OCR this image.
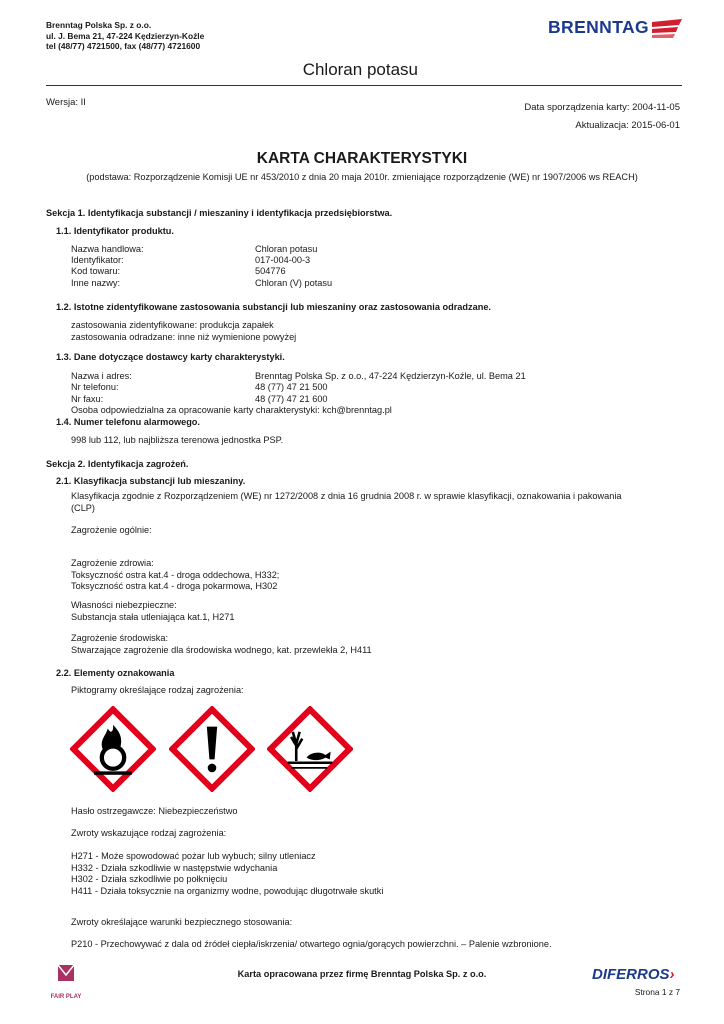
Brenntag Polska Sp. z o.o.
ul. J. Bema 21, 47-224 Kędzierzyn-Koźle
tel (48/77) 4721500, fax (48/77) 4721600
BRENNTAG
Chloran potasu
Wersja: II	Data sporządzenia karty: 2004-11-05
Aktualizacja: 2015-06-01
KARTA CHARAKTERYSTYKI
(podstawa: Rozporządzenie Komisji UE nr 453/2010 z dnia 20 maja 2010r. zmieniające rozporządzenie (WE) nr 1907/2006 ws REACH)
Sekcja 1. Identyfikacja substancji / mieszaniny i identyfikacja przedsiębiorstwa.
1.1. Identyfikator produktu.
Nazwa handlowa:	Chloran potasu
Identyfikator:	017-004-00-3
Kod towaru:	504776
Inne nazwy:	Chloran (V) potasu
1.2. Istotne zidentyfikowane zastosowania substancji lub mieszaniny oraz zastosowania odradzane.
zastosowania zidentyfikowane: produkcja zapałek
zastosowania odradzane: inne niż wymienione powyżej
1.3. Dane dotyczące dostawcy karty charakterystyki.
Nazwa i adres:	Brenntag Polska Sp. z o.o., 47-224 Kędzierzyn-Koźle, ul. Bema 21
Nr telefonu:	48 (77) 47 21 500
Nr faxu:	48 (77) 47 21 600
Osoba odpowiedzialna za opracowanie karty charakterystyki: kch@brenntag.pl
1.4. Numer telefonu alarmowego.
998 lub 112, lub najbliższa terenowa jednostka PSP.
Sekcja 2. Identyfikacja zagrożeń.
2.1. Klasyfikacja substancji lub mieszaniny.
Klasyfikacja zgodnie z Rozporządzeniem (WE) nr 1272/2008 z dnia 16 grudnia 2008 r. w sprawie klasyfikacji, oznakowania i pakowania
(CLP)
Zagrożenie ogólnie:
Zagrożenie zdrowia:
Toksyczność ostra kat.4 - droga oddechowa, H332;
Toksyczność ostra kat.4 - droga pokarmowa, H302
Własności niebezpieczne:
Substancja stała utleniająca kat.1, H271
Zagrożenie środowiska:
Stwarzające zagrożenie dla środowiska wodnego, kat. przewlekła 2, H411
2.2. Elementy oznakowania
Piktogramy określające rodzaj zagrożenia:
Hasło ostrzegawcze: Niebezpieczeństwo
Zwroty wskazujące rodzaj zagrożenia:
H271 - Może spowodować pożar lub wybuch; silny utleniacz
H332 - Działa szkodliwie w następstwie wdychania
H302 - Działa szkodliwie po połknięciu
H411 - Działa toksycznie na organizmy wodne, powodując długotrwałe skutki
Zwroty określające warunki bezpiecznego stosowania:
P210 - Przechowywać z dala od źródeł ciepła/iskrzenia/ otwartego ognia/gorących powierzchni. – Palenie wzbronione.
FAIR PLAY
Karta opracowana przez firmę Brenntag Polska Sp. z o.o.	DIFERROS›
Strona 1 z 7
